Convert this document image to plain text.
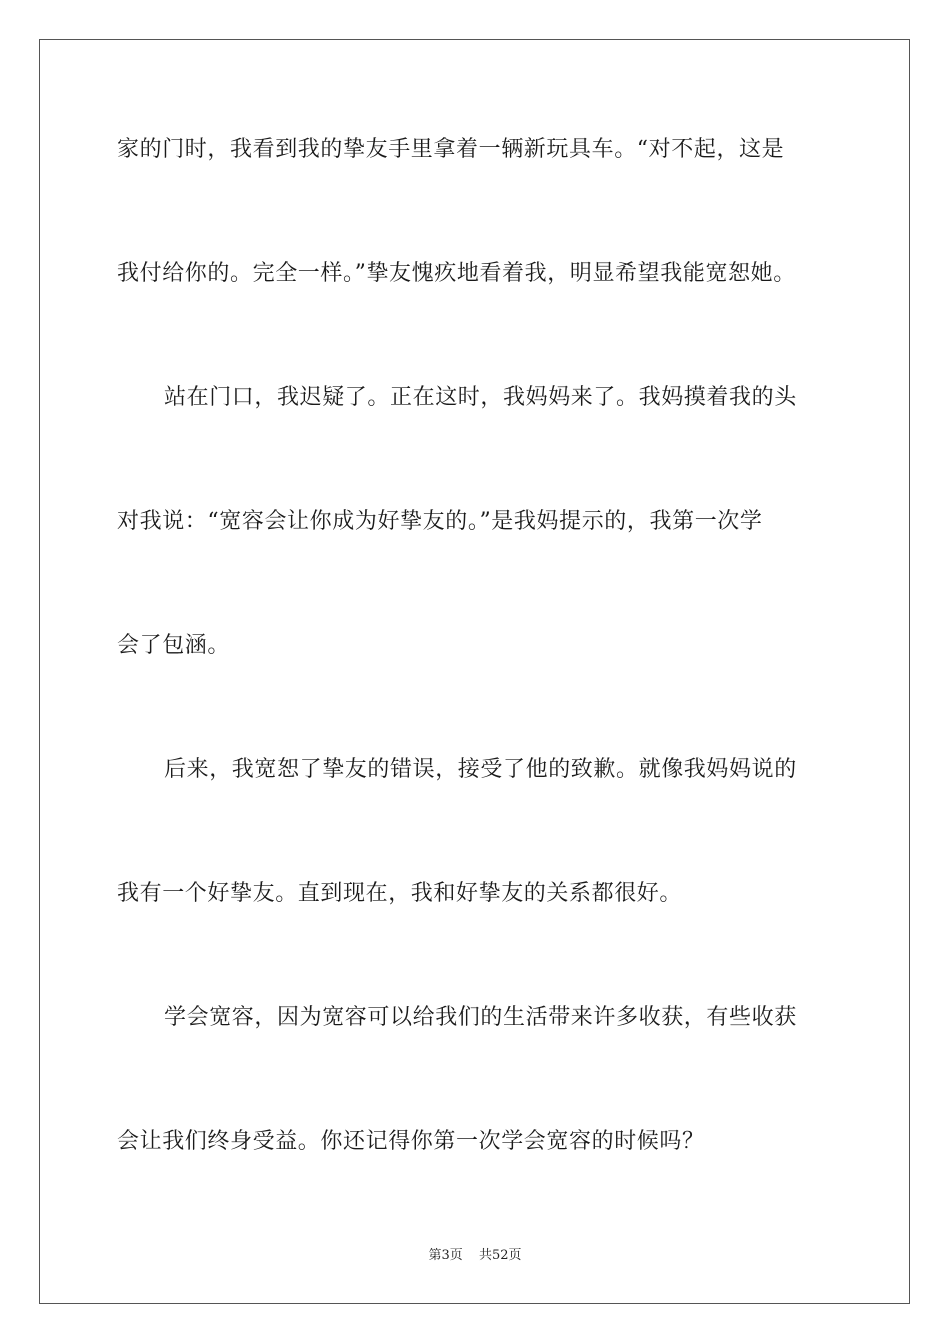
家的门时，我看到我的挚友手里拿着一辆新玩具车。“对不起，这是
我付给你的。完全一样。”挚友愧疚地看着我，明显希望我能宽恕她。
站在门口，我迟疑了。正在这时，我妈妈来了。我妈摸着我的头
对我说：“宽容会让你成为好挚友的。”是我妈提示的，我第一次学
会了包涵。
后来，我宽恕了挚友的错误，接受了他的致歉。就像我妈妈说的
我有一个好挚友。直到现在，我和好挚友的关系都很好。
学会宽容，因为宽容可以给我们的生活带来许多收获，有些收获
会让我们终身受益。你还记得你第一次学会宽容的时候吗？
第3页 共52页
